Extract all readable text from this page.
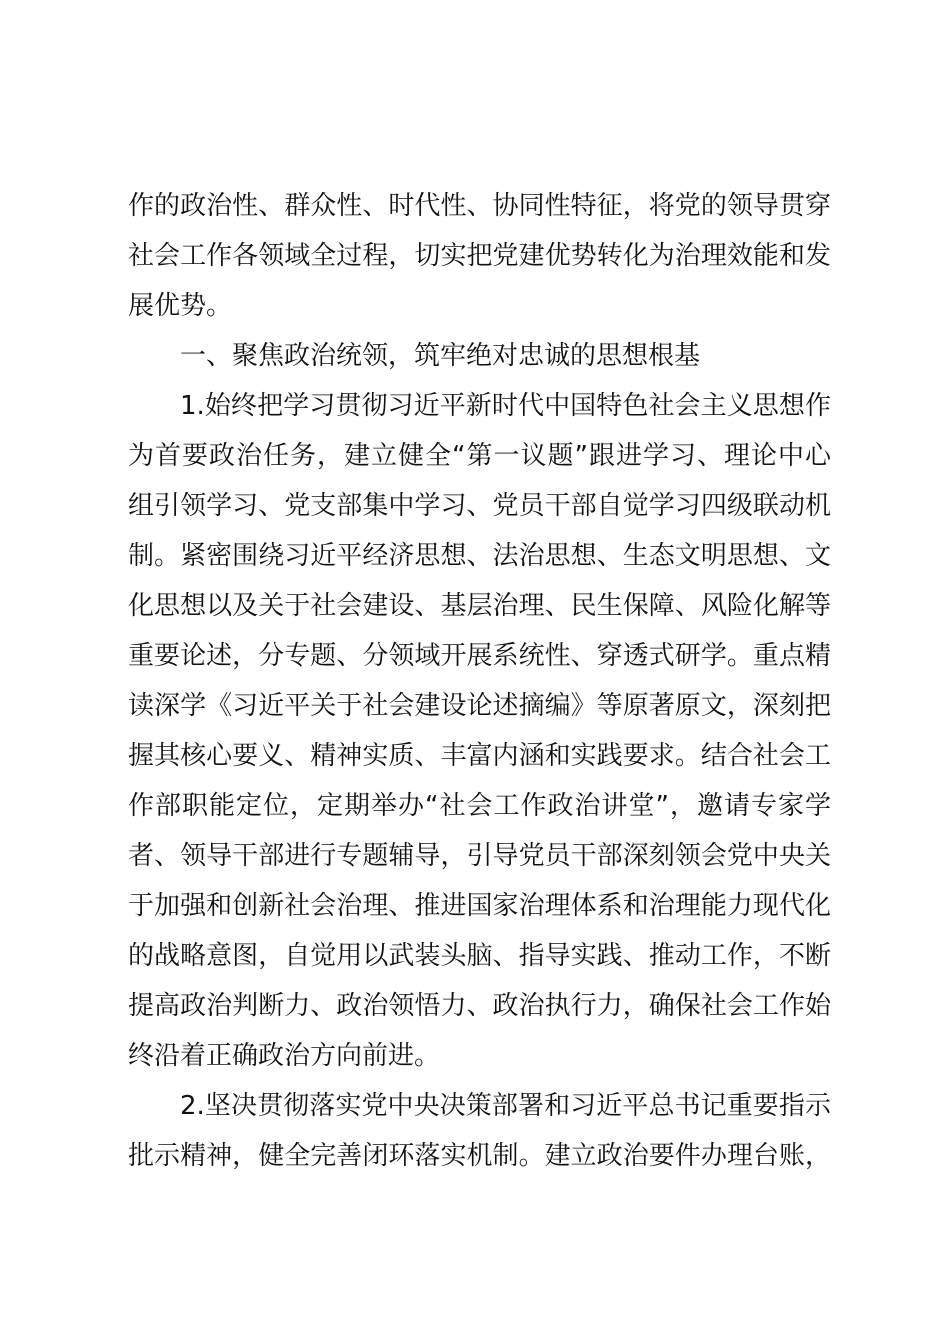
作的政治性、群众性、时代性、协同性特征，将党的领导贯穿
社会工作各领域全过程，切实把党建优势转化为治理效能和发
展优势。
一、聚焦政治统领，筑牢绝对忠诚的思想根基
1.始终把学习贯彻习近平新时代中国特色社会主义思想作
为首要政治任务，建立健全“第一议题”跟进学习、理论中心
组引领学习、党支部集中学习、党员干部自觉学习四级联动机
制。紧密围绕习近平经济思想、法治思想、生态文明思想、文
化思想以及关于社会建设、基层治理、民生保障、风险化解等
重要论述，分专题、分领域开展系统性、穿透式研学。重点精
读深学《习近平关于社会建设论述摘编》等原著原文，深刻把
握其核心要义、精神实质、丰富内涵和实践要求。结合社会工
作部职能定位，定期举办“社会工作政治讲堂”，邀请专家学
者、领导干部进行专题辅导，引导党员干部深刻领会党中央关
于加强和创新社会治理、推进国家治理体系和治理能力现代化
的战略意图，自觉用以武装头脑、指导实践、推动工作，不断
提高政治判断力、政治领悟力、政治执行力，确保社会工作始
终沿着正确政治方向前进。
2.坚决贯彻落实党中央决策部署和习近平总书记重要指示
批示精神，健全完善闭环落实机制。建立政治要件办理台账，
